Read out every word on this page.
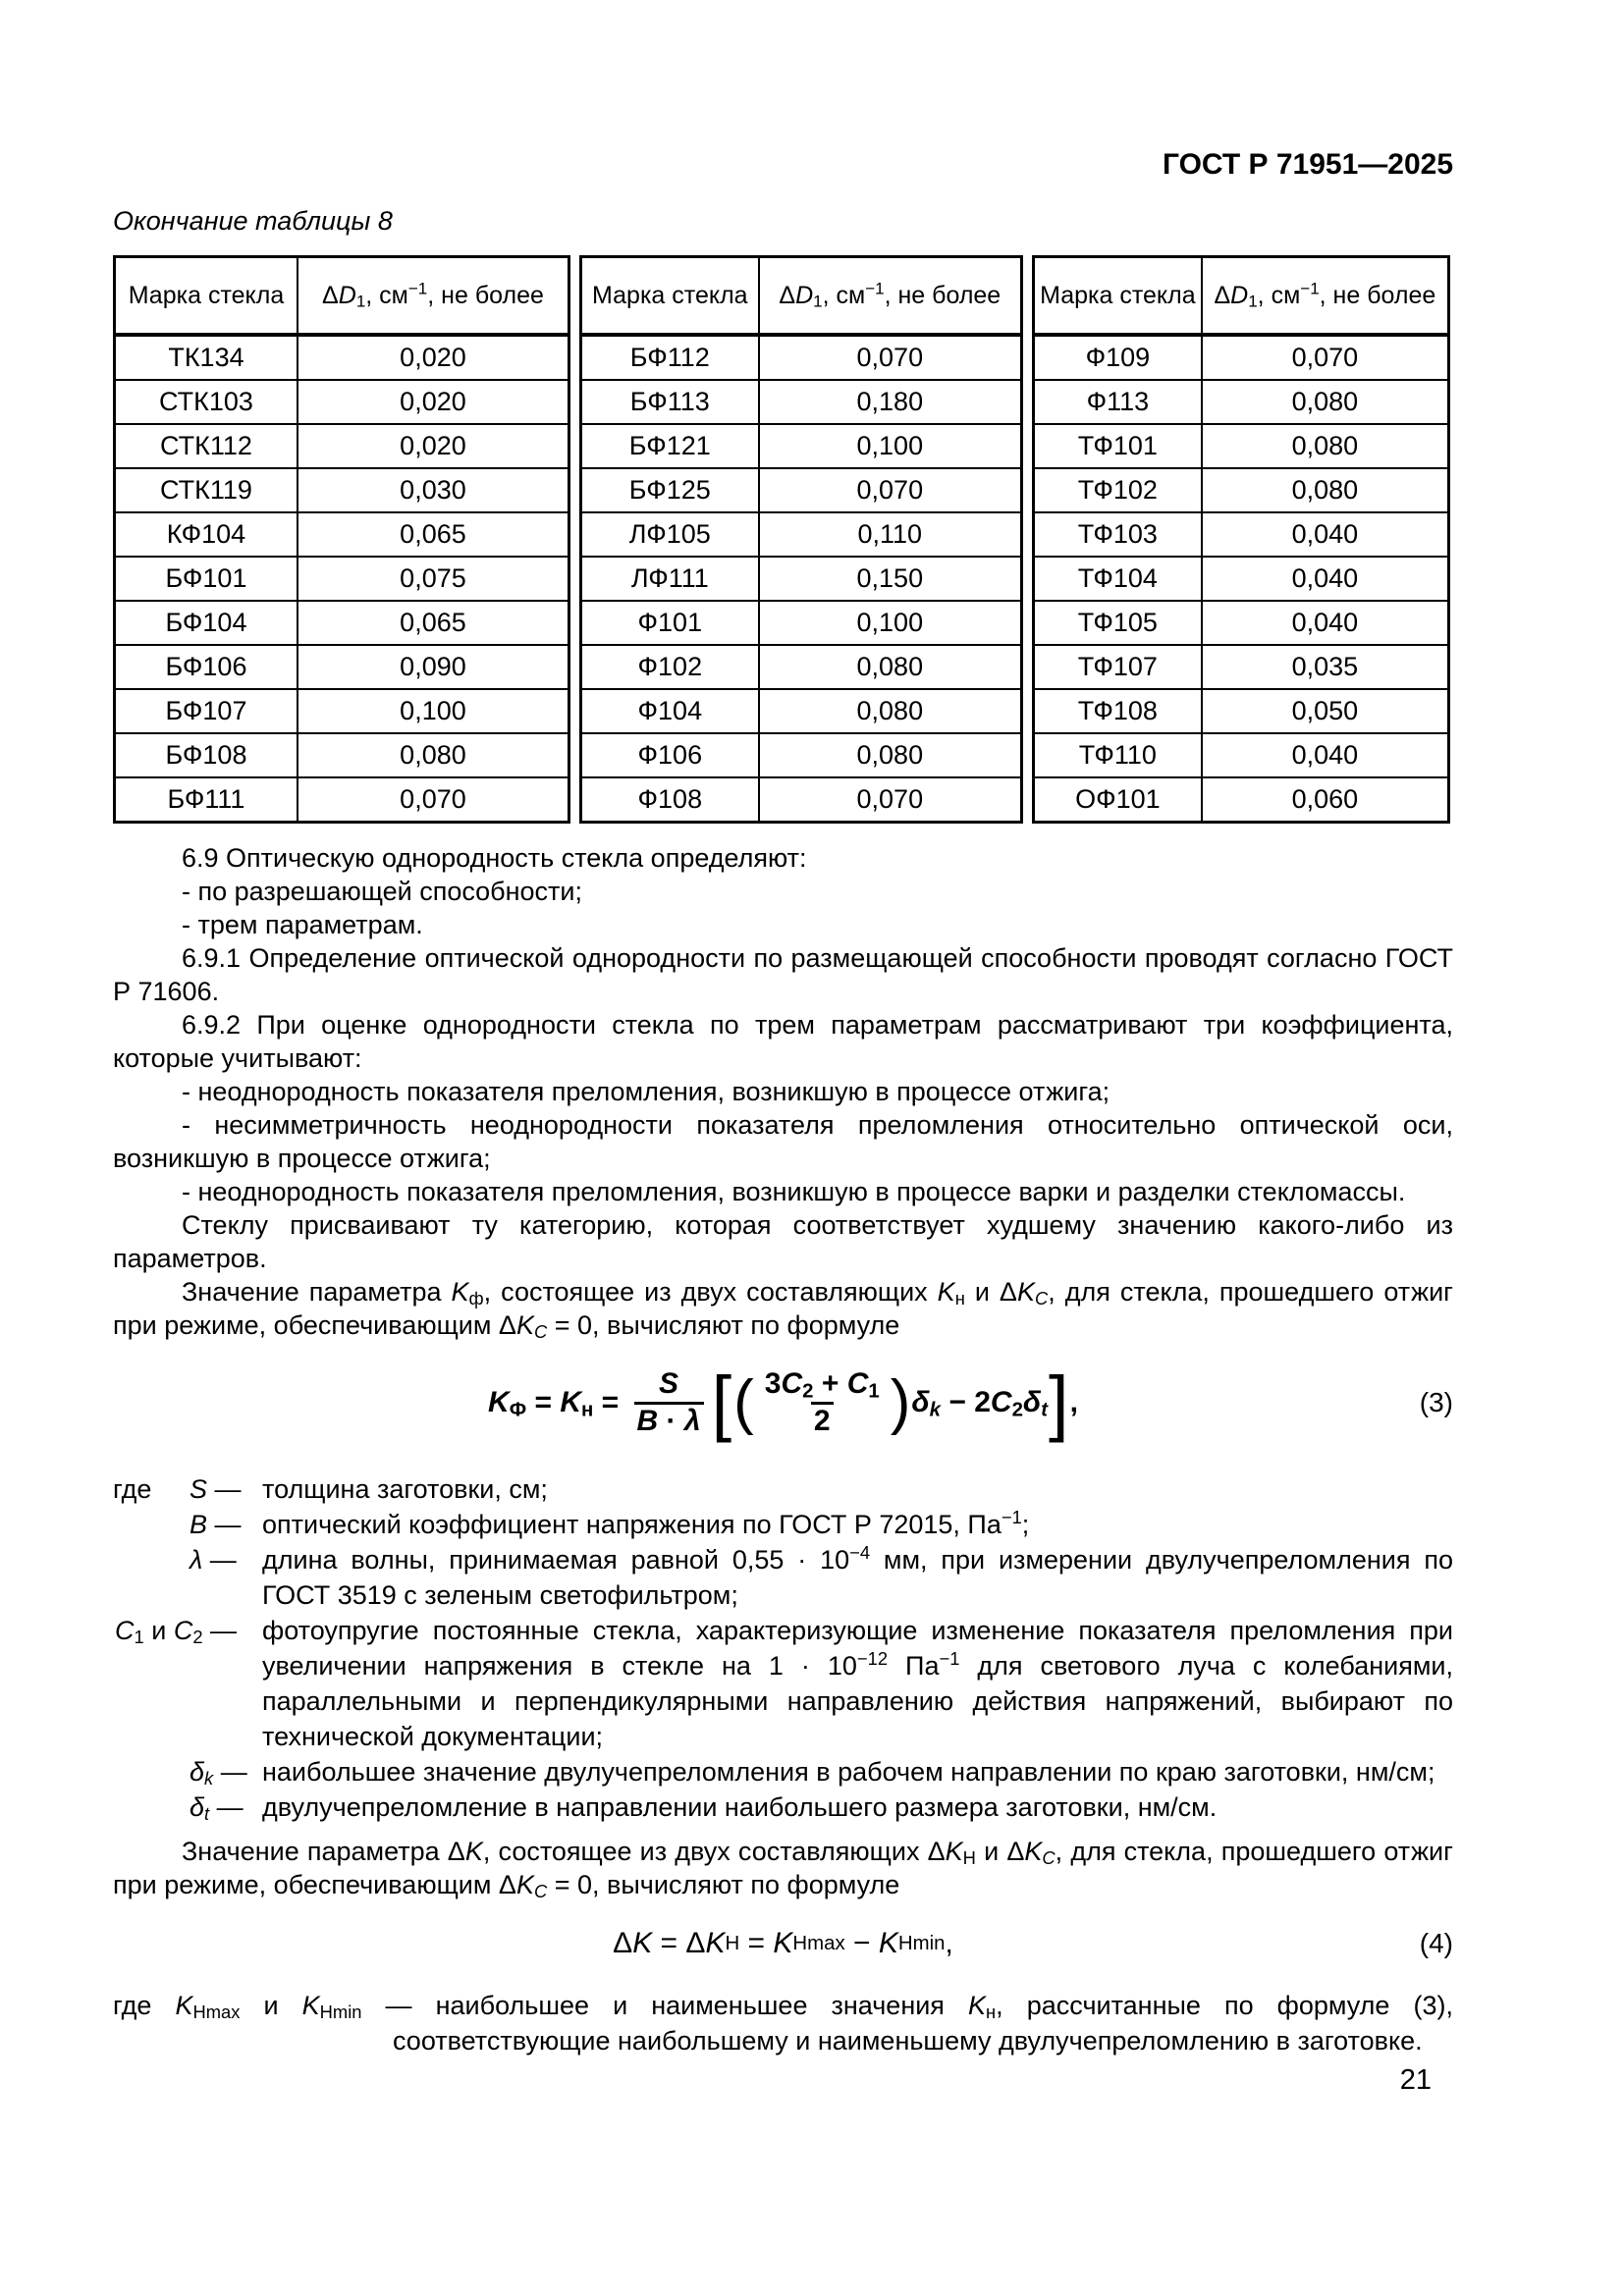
ГОСТ Р 71951—2025
Окончание таблицы 8
Марка стекла	ΔD1, $см^{-1}$, не более
ТК134	0,020
СТК103	0,020
СТК112	0,020
СТК119	0,030
КФ104	0,065
БФ101	0,075
БФ104	0,065
БФ106	0,090
БФ107	0,100
БФ108	0,080
БФ111	0,070
Марка стекла	ΔD1, $см^{-1}$, не более
БФ112	0,070
БФ113	0,180
БФ121	0,100
БФ125	0,070
ЛФ105	0,110
ЛФ111	0,150
Ф101	0,100
Ф102	0,080
Ф104	0,080
Ф106	0,080
Ф108	0,070
Марка стекла	ΔD1, $см^{-1}$, не более
Ф109	0,070
Ф113	0,080
ТФ101	0,080
ТФ102	0,080
ТФ103	0,040
ТФ104	0,040
ТФ105	0,040
ТФ107	0,035
ТФ108	0,050
ТФ110	0,040
ОФ101	0,060

6.9 Оптическую однородность стекла определяют:

- по разрешающей способности;

- трем параметрам.

6.9.1 Определение оптической однородности по размещающей способности проводят согласно ГОСТ Р 71606.

6.9.2 При оценке однородности стекла по трем параметрам рассматривают три коэффициента, которые учитывают:

- неоднородность показателя преломления, возникшую в процессе отжига;

- несимметричность неоднородности показателя преломления относительно оптической оси, возникшую в процессе отжига;

- неоднородность показателя преломления, возникшую в процессе варки и разделки стекломассы.

Стеклу присваивают ту категорию, которая соответствует худшему значению какого-либо из параметров.

Значение параметра Kф, состоящее из двух составляющих Kн и ΔKC, для стекла, прошедшего отжиг при режиме, обеспечивающим ΔKC = 0, вычисляют по формуле

KФ = Kн = $\frac{S}{B \cdot \lambda}$ [ ( $\frac{3C2 + C1}{2}$ ) δk − 2C2δt ] ,	(3)
где S — толщина заготовки, см;
B — оптический коэффициент напряжения по ГОСТ Р 72015, $Па^{-1}$;
λ — длина волны, принимаемая равной $0,55 \cdot 10^{-4}$ мм, при измерении двулучепреломления по ГОСТ 3519 с зеленым светофильтром;
C1 и C2 — фотоупругие постоянные стекла, характеризующие изменение показателя преломления при увеличении напряжения в стекле на $1 \cdot 10^{-12}$ $Па^{-1}$ для светового луча с колебаниями, параллельными и перпендикулярными направлению действия напряжений, выбирают по технической документации;
δk — наибольшее значение двулучепреломления в рабочем направлении по краю заготовки, нм/см;
δt — двулучепреломление в направлении наибольшего размера заготовки, нм/см.

Значение параметра ΔK, состоящее из двух составляющих ΔKН и ΔKC, для стекла, прошедшего отжиг при режиме, обеспечивающим ΔKC = 0, вычисляют по формуле

Δ K = Δ K Н = K Нmax − K Нmin ,	(4)
где KНmax и KНmin — наибольшее и наименьшее значения Kн, рассчитанные по формуле (3), соответствующие наибольшему и наименьшему двулучепреломлению в заготовке.
21
